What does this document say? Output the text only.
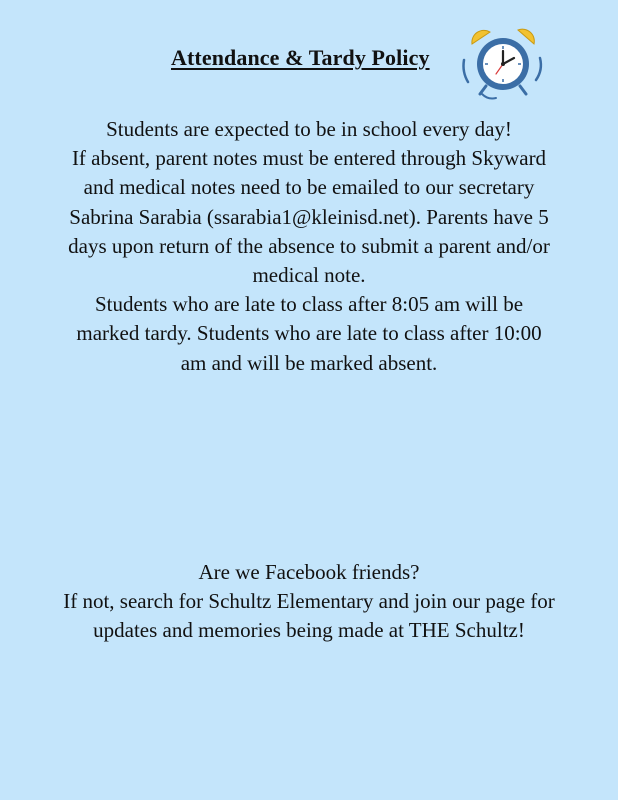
Attendance & Tardy Policy
Students are expected to be in school every day!
If absent, parent notes must be entered through Skyward
and medical notes need to be emailed to our secretary
Sabrina Sarabia (ssarabia1@kleinisd.net). Parents have 5
days upon return of the absence to submit a parent and/or
medical note.
Students who are late to class after 8:05 am will be
marked tardy. Students who are late to class after 10:00
am and will be marked absent.
Are we Facebook friends?
If not, search for Schultz Elementary and join our page for
updates and memories being made at THE Schultz!
